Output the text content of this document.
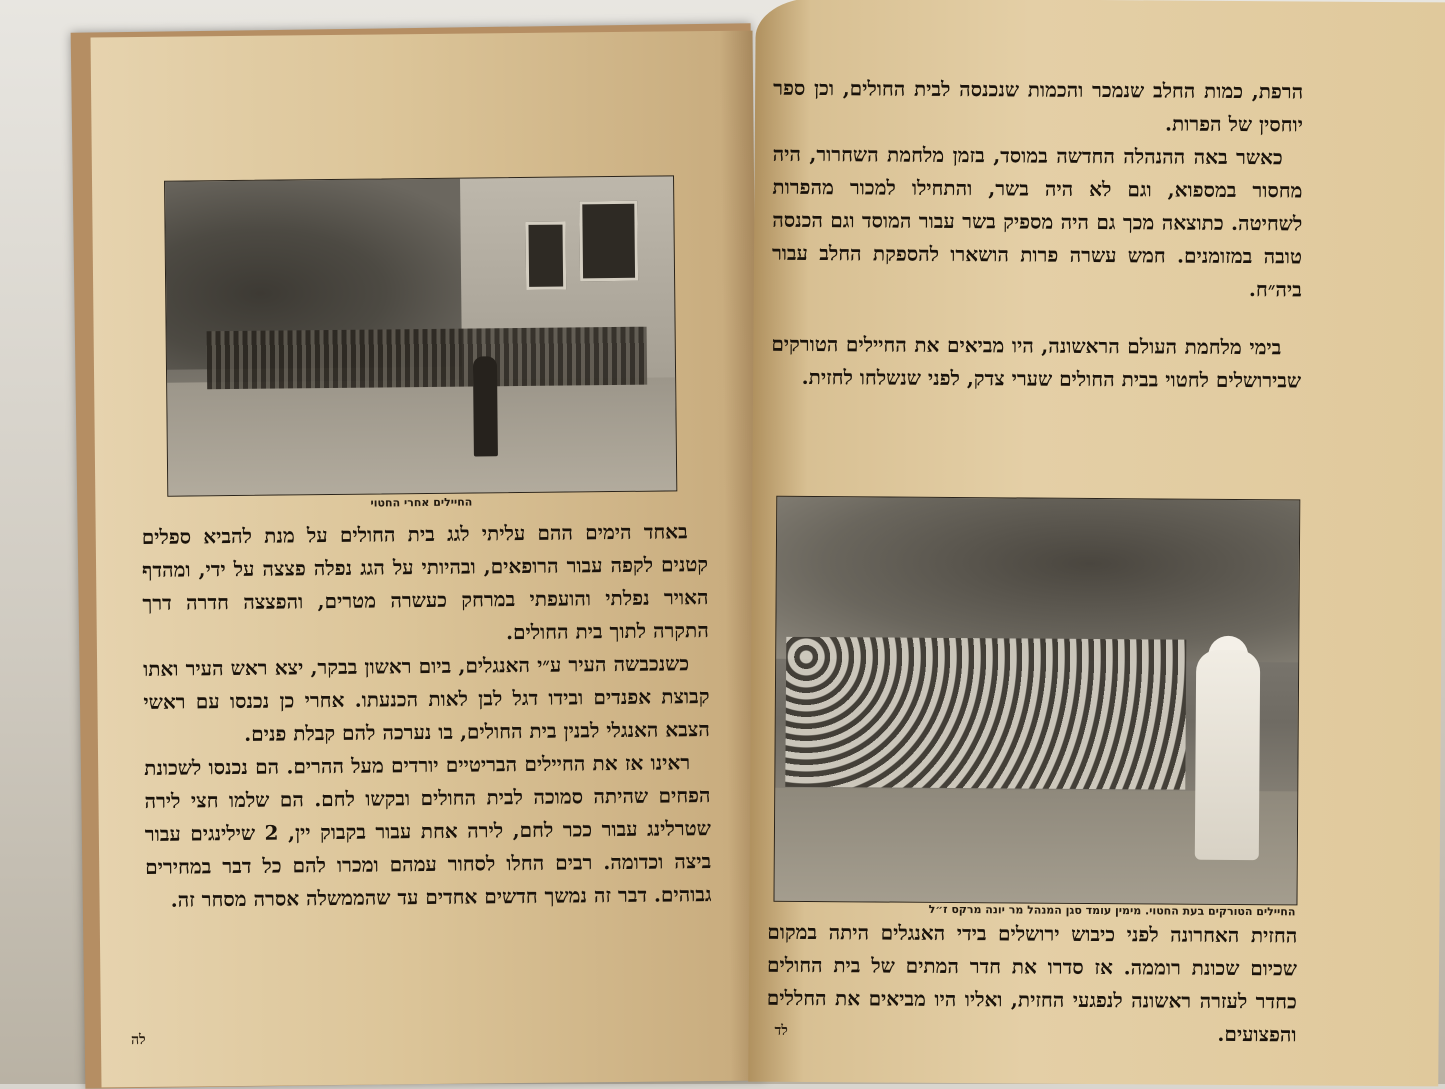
החיילים אחרי החטוי

באחד הימים ההם עליתי לגג בית החולים על מנת להביא ספלים קטנים לקפה עבור הרופאים, ובהיותי על הגג נפלה פצצה על ידי, ומהדף האויר נפלתי והועפתי במרחק כעשרה מטרים, והפצצה חדרה דרך התקרה לתוך בית החולים.

כשנכבשה העיר ע״י האנגלים, ביום ראשון בבקר, יצא ראש העיר ואתו קבוצת אפנדים ובידו דגל לבן לאות הכנעתו. אחרי כן נכנסו עם ראשי הצבא האנגלי לבנין בית החולים, בו נערכה להם קבלת פנים.

ראינו אז את החיילים הבריטיים יורדים מעל ההרים. הם נכנסו לשכונת הפחים שהיתה סמוכה לבית החולים ובקשו לחם. הם שלמו חצי לירה שטרלינג עבור ככר לחם, לירה אחת עבור בקבוק יין, 2 שילינגים עבור ביצה וכדומה. רבים החלו לסחור עמהם ומכרו להם כל דבר במחירים גבוהים. דבר זה נמשך חדשים אחדים עד שהממשלה אסרה מסחר זה.

לה

הרפת, כמות החלב שנמכר והכמות שנכנסה לבית החולים, וכן ספר יוחסין של הפרות.

כאשר באה ההנהלה החדשה במוסד, בזמן מלחמת השחרור, היה מחסור במספוא, וגם לא היה בשר, והתחילו למכור מהפרות לשחיטה. כתוצאה מכך גם היה מספיק בשר עבור המוסד וגם הכנסה טובה במזומנים. חמש עשרה פרות הושארו להספקת החלב עבור ביה״ח.

בימי מלחמת העולם הראשונה, היו מביאים את החיילים הטורקים שבירושלים לחטוי בבית החולים שערי צדק, לפני שנשלחו לחזית.

החיילים הטורקים בעת החטוי. מימין עומד סגן המנהל מר יונה מרקס ז״ל

החזית האחרונה לפני כיבוש ירושלים בידי האנגלים היתה במקום שכיום שכונת רוממה. אז סדרו את חדר המתים של בית החולים כחדר לעזרה ראשונה לנפגעי החזית, ואליו היו מביאים את החללים והפצועים.

לד
